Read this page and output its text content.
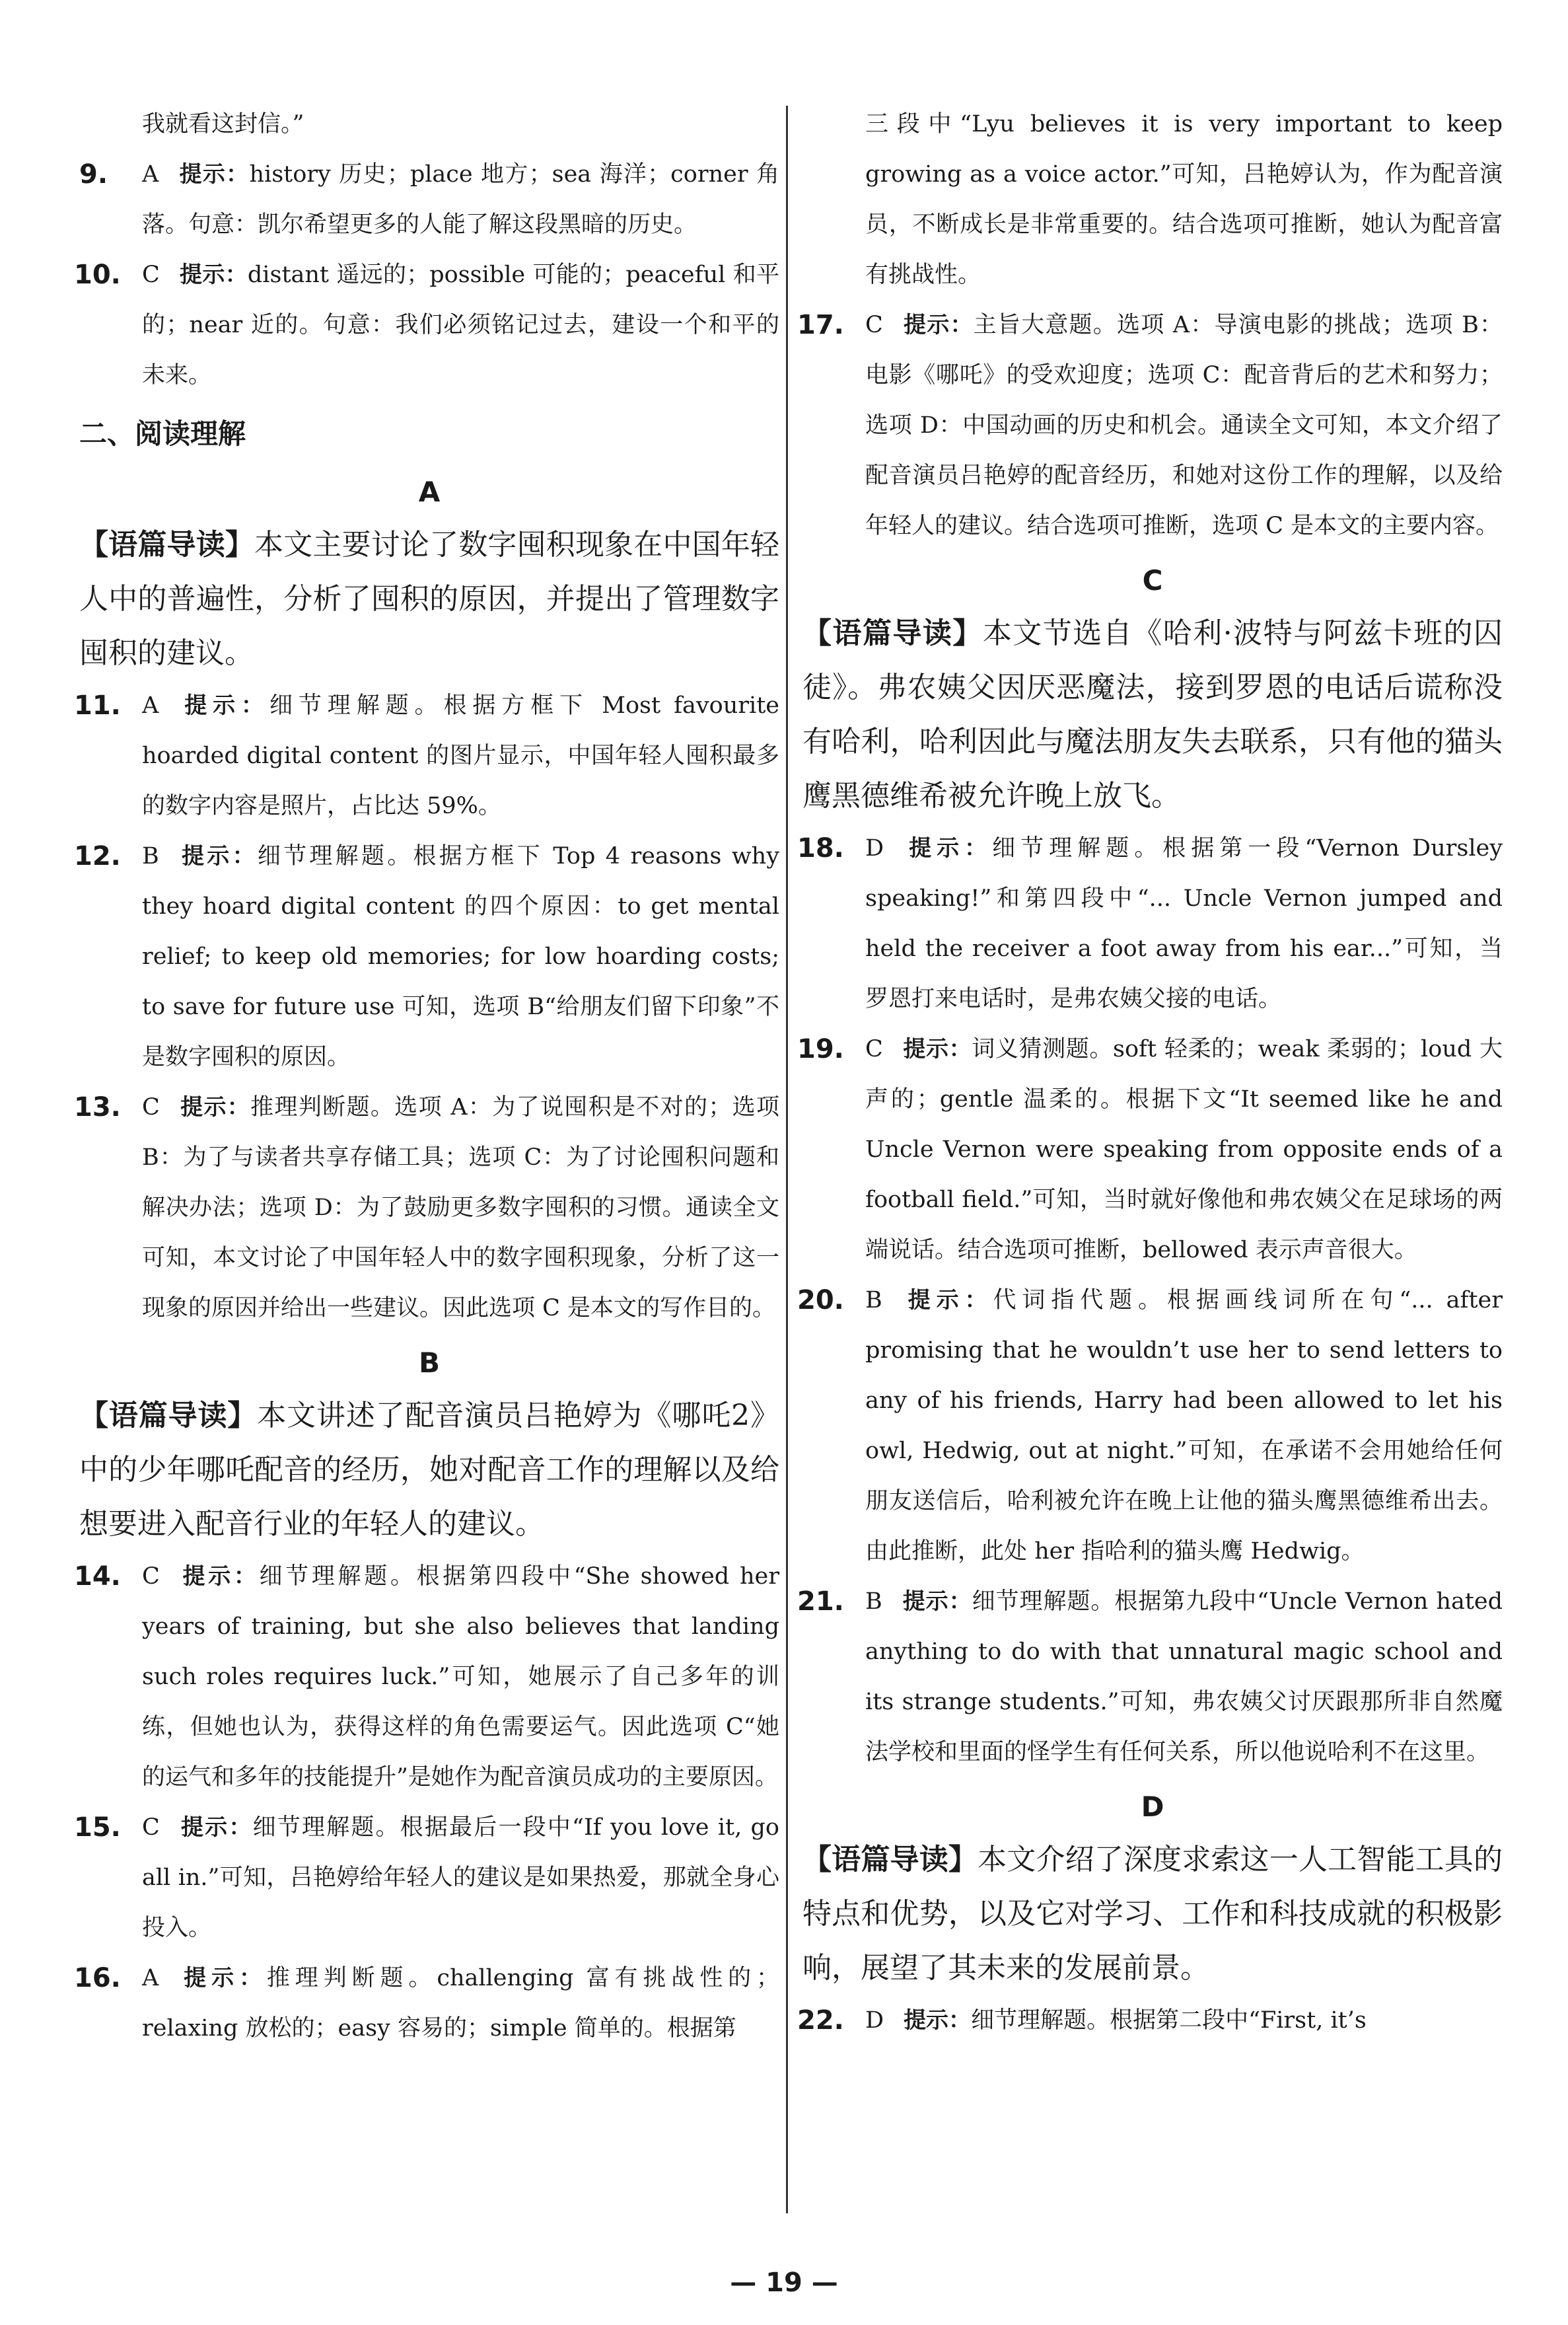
我就看这封信。”

9. A 提示：history 历史；place 地方；sea 海洋；corner 角落。句意：凯尔希望更多的人能了解这段黑暗的历史。
10. C 提示：distant 遥远的；possible 可能的；peaceful 和平的；near 近的。句意：我们必须铭记过去，建设一个和平的未来。

二、阅读理解

A

【语篇导读】本文主要讨论了数字囤积现象在中国年轻人中的普遍性，分析了囤积的原因，并提出了管理数字囤积的建议。

11. A 提示：细节理解题。根据方框下 Most favourite hoarded digital content 的图片显示，中国年轻人囤积最多的数字内容是照片，占比达 59%。
12. B 提示：细节理解题。根据方框下 Top 4 reasons why they hoard digital content 的四个原因：to get mental relief; to keep old memories; for low hoarding costs; to save for future use 可知，选项 B“给朋友们留下印象”不是数字囤积的原因。
13. C 提示：推理判断题。选项 A：为了说囤积是不对的；选项 B：为了与读者共享存储工具；选项 C：为了讨论囤积问题和解决办法；选项 D：为了鼓励更多数字囤积的习惯。通读全文可知，本文讨论了中国年轻人中的数字囤积现象，分析了这一现象的原因并给出一些建议。因此选项 C 是本文的写作目的。

B

【语篇导读】本文讲述了配音演员吕艳婷为《哪吒2》中的少年哪吒配音的经历，她对配音工作的理解以及给想要进入配音行业的年轻人的建议。

14. C 提示：细节理解题。根据第四段中“She showed her years of training, but she also believes that landing such roles requires luck.”可知，她展示了自己多年的训练，但她也认为，获得这样的角色需要运气。因此选项 C“她的运气和多年的技能提升”是她作为配音演员成功的主要原因。
15. C 提示：细节理解题。根据最后一段中“If you love it, go all in.”可知，吕艳婷给年轻人的建议是如果热爱，那就全身心投入。
16. A 提示：推理判断题。challenging 富有挑战性的；relaxing 放松的；easy 容易的；simple 简单的。根据第

三段中“Lyu believes it is very important to keep growing as a voice actor.”可知，吕艳婷认为，作为配音演员，不断成长是非常重要的。结合选项可推断，她认为配音富有挑战性。

17. C 提示：主旨大意题。选项 A：导演电影的挑战；选项 B：电影《哪吒》的受欢迎度；选项 C：配音背后的艺术和努力；选项 D：中国动画的历史和机会。通读全文可知，本文介绍了配音演员吕艳婷的配音经历，和她对这份工作的理解，以及给年轻人的建议。结合选项可推断，选项 C 是本文的主要内容。

C

【语篇导读】本文节选自《哈利·波特与阿兹卡班的囚徒》。弗农姨父因厌恶魔法，接到罗恩的电话后谎称没有哈利，哈利因此与魔法朋友失去联系，只有他的猫头鹰黑德维希被允许晚上放飞。

18. D 提示：细节理解题。根据第一段“Vernon Dursley speaking!”和第四段中“... Uncle Vernon jumped and held the receiver a foot away from his ear...”可知，当罗恩打来电话时，是弗农姨父接的电话。
19. C 提示：词义猜测题。soft 轻柔的；weak 柔弱的；loud 大声的；gentle 温柔的。根据下文“It seemed like he and Uncle Vernon were speaking from opposite ends of a football field.”可知，当时就好像他和弗农姨父在足球场的两端说话。结合选项可推断，bellowed 表示声音很大。
20. B 提示：代词指代题。根据画线词所在句“... after promising that he wouldn’t use her to send letters to any of his friends, Harry had been allowed to let his owl, Hedwig, out at night.”可知，在承诺不会用她给任何朋友送信后，哈利被允许在晚上让他的猫头鹰黑德维希出去。由此推断，此处 her 指哈利的猫头鹰 Hedwig。
21. B 提示：细节理解题。根据第九段中“Uncle Vernon hated anything to do with that unnatural magic school and its strange students.”可知，弗农姨父讨厌跟那所非自然魔法学校和里面的怪学生有任何关系，所以他说哈利不在这里。

D

【语篇导读】本文介绍了深度求索这一人工智能工具的特点和优势，以及它对学习、工作和科技成就的积极影响，展望了其未来的发展前景。

22. D 提示：细节理解题。根据第二段中“First, it’s
— 19 —
